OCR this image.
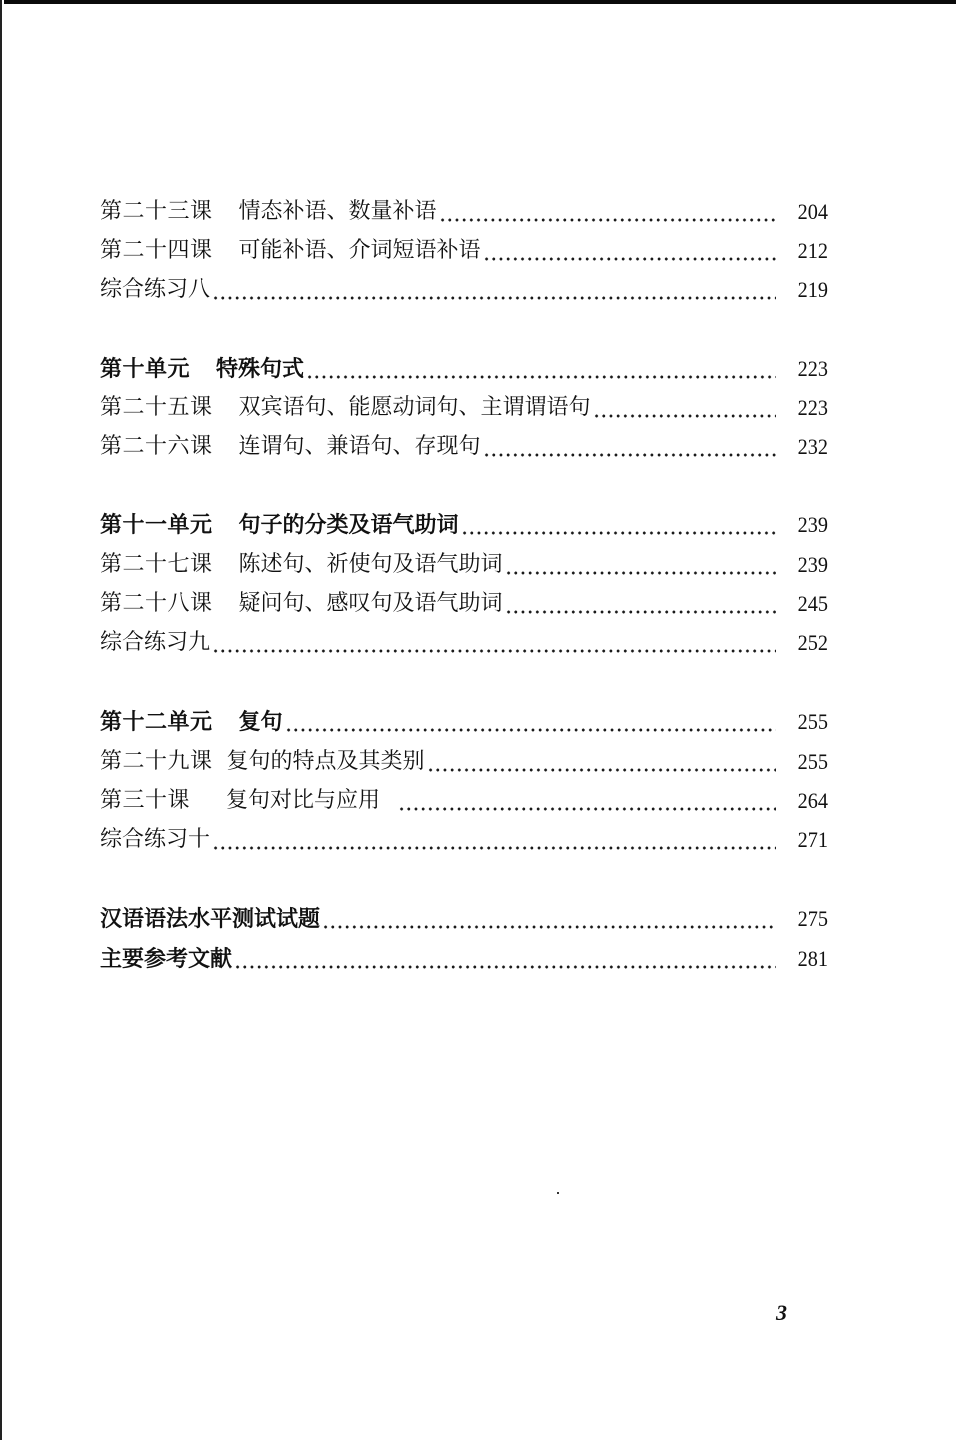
第二十三课 情态补语、数量补语	204
第二十四课 可能补语、介词短语补语	212
综合练习八	219
第十单元 特殊句式	223
第二十五课 双宾语句、能愿动词句、主谓谓语句	223
第二十六课 连谓句、兼语句、存现句	232
第十一单元 句子的分类及语气助词	239
第二十七课 陈述句、祈使句及语气助词	239
第二十八课 疑问句、感叹句及语气助词	245
综合练习九	252
第十二单元 复句	255
第二十九课 复句的特点及其类别	255
第三十课 复句对比与应用	264
综合练习十	271
汉语语法水平测试试题	275
主要参考文献	281
3
